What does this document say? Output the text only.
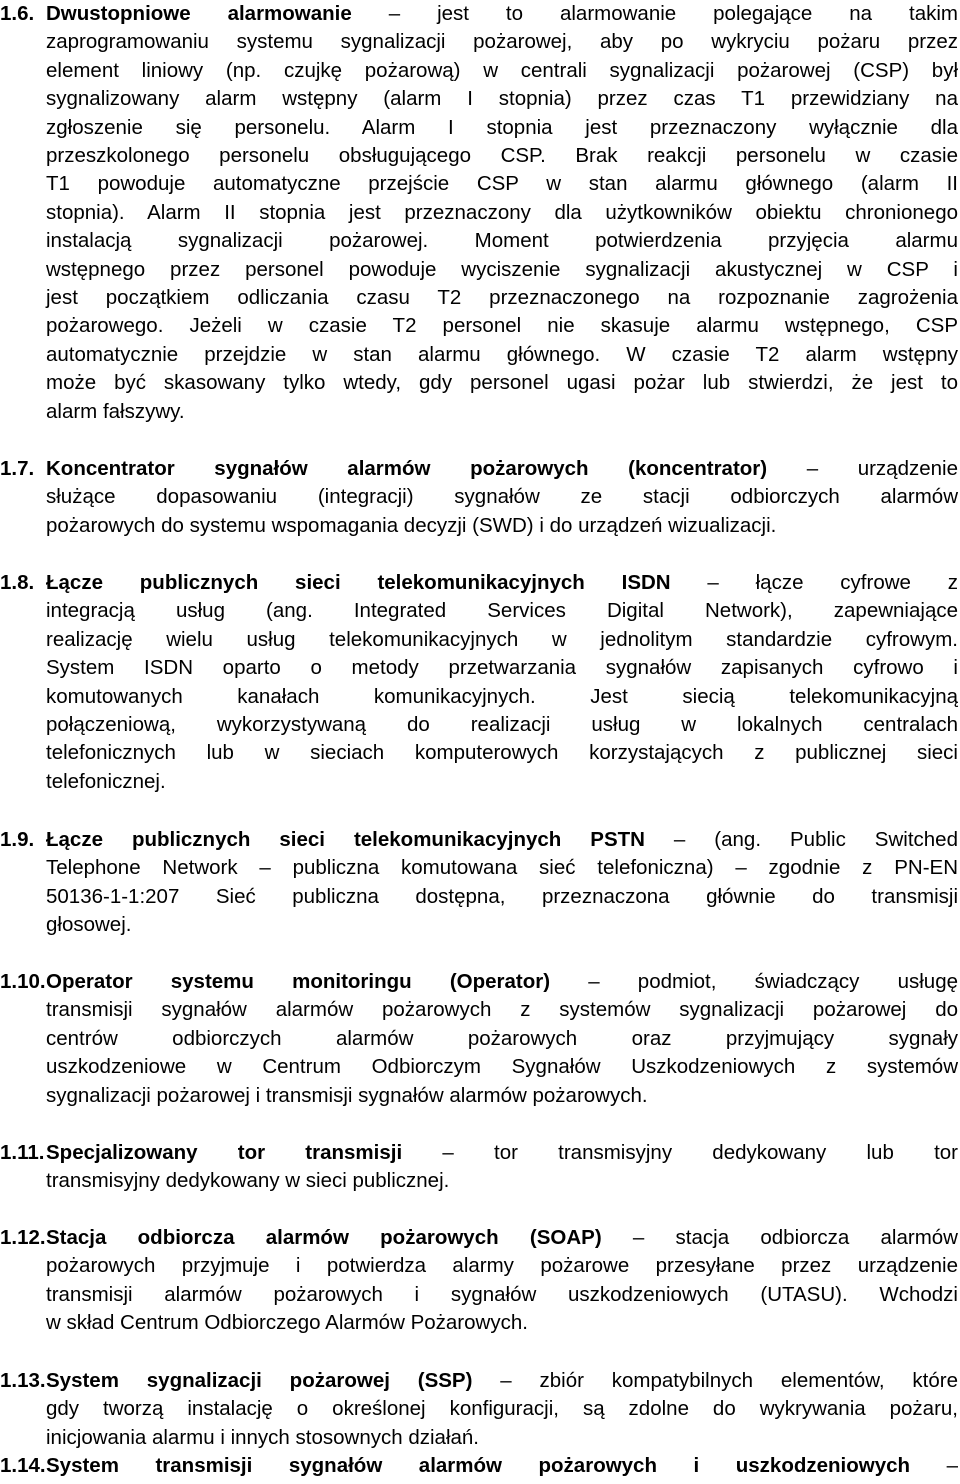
1.6. Dwustopniowe alarmowanie – jest to alarmowanie polegające na takim
zaprogramowaniu systemu sygnalizacji pożarowej, aby po wykryciu pożaru przez
element liniowy (np. czujkę pożarową) w centrali sygnalizacji pożarowej (CSP) był
sygnalizowany alarm wstępny (alarm I stopnia) przez czas T1 przewidziany na
zgłoszenie się personelu. Alarm I stopnia jest przeznaczony wyłącznie dla
przeszkolonego personelu obsługującego CSP. Brak reakcji personelu w czasie
T1 powoduje automatyczne przejście CSP w stan alarmu głównego (alarm II
stopnia). Alarm II stopnia jest przeznaczony dla użytkowników obiektu chronionego
instalacją sygnalizacji pożarowej. Moment potwierdzenia przyjęcia alarmu
wstępnego przez personel powoduje wyciszenie sygnalizacji akustycznej w CSP i
jest początkiem odliczania czasu T2 przeznaczonego na rozpoznanie zagrożenia
pożarowego. Jeżeli w czasie T2 personel nie skasuje alarmu wstępnego, CSP
automatycznie przejdzie w stan alarmu głównego. W czasie T2 alarm wstępny
może być skasowany tylko wtedy, gdy personel ugasi pożar lub stwierdzi, że jest to
alarm fałszywy.
1.7. Koncentrator sygnałów alarmów pożarowych (koncentrator) – urządzenie
służące dopasowaniu (integracji) sygnałów ze stacji odbiorczych alarmów
pożarowych do systemu wspomagania decyzji (SWD) i do urządzeń wizualizacji.
1.8. Łącze publicznych sieci telekomunikacyjnych ISDN – łącze cyfrowe z
integracją usług (ang. Integrated Services Digital Network), zapewniające
realizację wielu usług telekomunikacyjnych w jednolitym standardzie cyfrowym.
System ISDN oparto o metody przetwarzania sygnałów zapisanych cyfrowo i
komutowanych kanałach komunikacyjnych. Jest siecią telekomunikacyjną
połączeniową, wykorzystywaną do realizacji usług w lokalnych centralach
telefonicznych lub w sieciach komputerowych korzystających z publicznej sieci
telefonicznej.
1.9. Łącze publicznych sieci telekomunikacyjnych PSTN – (ang. Public Switched
Telephone Network – publiczna komutowana sieć telefoniczna) – zgodnie z PN-EN
50136-1-1:207 Sieć publiczna dostępna, przeznaczona głównie do transmisji
głosowej.
1.10. Operator systemu monitoringu (Operator) – podmiot, świadczący usługę
transmisji sygnałów alarmów pożarowych z systemów sygnalizacji pożarowej do
centrów odbiorczych alarmów pożarowych oraz przyjmujący sygnały
uszkodzeniowe w Centrum Odbiorczym Sygnałów Uszkodzeniowych z systemów
sygnalizacji pożarowej i transmisji sygnałów alarmów pożarowych.
1.11. Specjalizowany tor transmisji – tor transmisyjny dedykowany lub tor
transmisyjny dedykowany w sieci publicznej.
1.12. Stacja odbiorcza alarmów pożarowych (SOAP) – stacja odbiorcza alarmów
pożarowych przyjmuje i potwierdza alarmy pożarowe przesyłane przez urządzenie
transmisji alarmów pożarowych i sygnałów uszkodzeniowych (UTASU). Wchodzi
w skład Centrum Odbiorczego Alarmów Pożarowych.
1.13. System sygnalizacji pożarowej (SSP) – zbiór kompatybilnych elementów, które
gdy tworzą instalację o określonej konfiguracji, są zdolne do wykrywania pożaru,
inicjowania alarmu i innych stosownych działań.
1.14. System transmisji sygnałów alarmów pożarowych i uszkodzeniowych –
